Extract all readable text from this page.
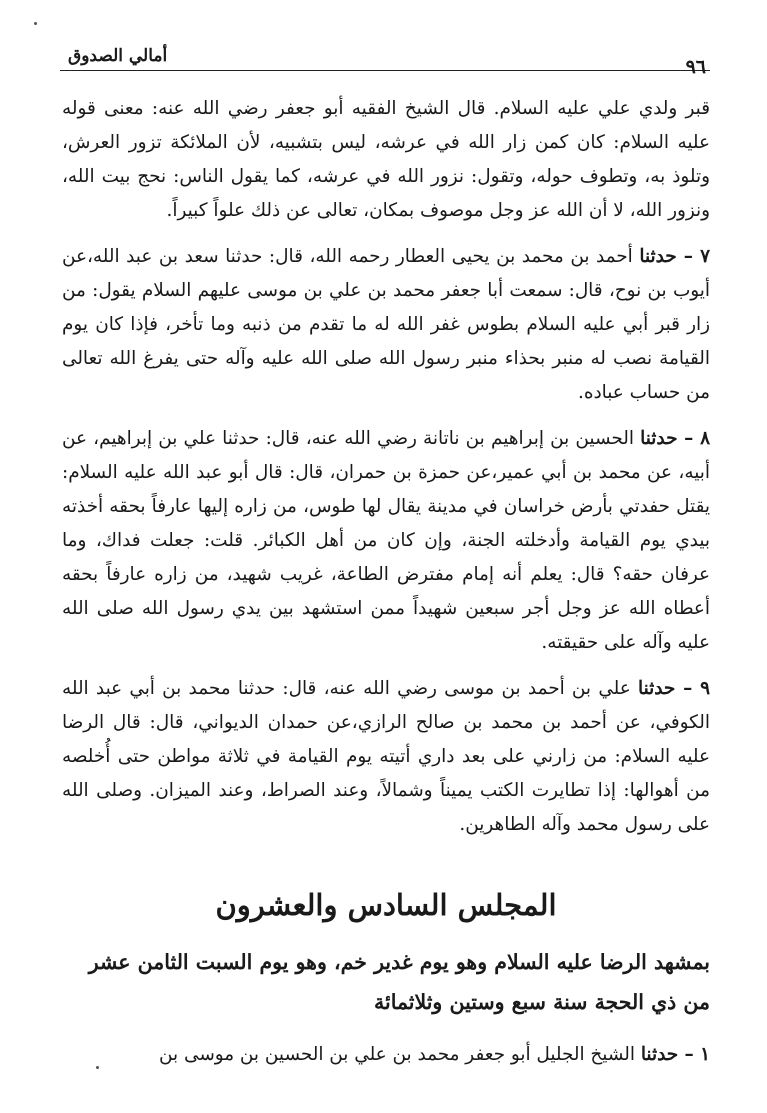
أمالي الصدوق	٩٦

قبر ولدي علي عليه السلام. قال الشيخ الفقيه أبو جعفر رضي الله عنه: معنى قوله عليه السلام: كان كمن زار الله في عرشه، ليس بتشبيه، لأن الملائكة تزور العرش، وتلوذ به، وتطوف حوله، وتقول: نزور الله في عرشه، كما يقول الناس: نحج بيت الله، ونزور الله، لا أن الله عز وجل موصوف بمكان، تعالى عن ذلك علواً كبيراً.

٧ – حدثنا أحمد بن محمد بن يحيى العطار رحمه الله، قال: حدثنا سعد بن عبد الله،عن أيوب بن نوح، قال: سمعت أبا جعفر محمد بن علي بن موسى عليهم السلام يقول: من زار قبر أبي عليه السلام بطوس غفر الله له ما تقدم من ذنبه وما تأخر، فإذا كان يوم القيامة نصب له منبر بحذاء منبر رسول الله صلى الله عليه وآله حتى يفرغ الله تعالى من حساب عباده.

٨ – حدثنا الحسين بن إبراهيم بن ناتانة رضي الله عنه، قال: حدثنا علي بن إبراهيم، عن أبيه، عن محمد بن أبي عمير،عن حمزة بن حمران، قال: قال أبو عبد الله عليه السلام: يقتل حفدتي بأرض خراسان في مدينة يقال لها طوس، من زاره إليها عارفاً بحقه أخذته بيدي يوم القيامة وأدخلته الجنة، وإن كان من أهل الكبائر. قلت: جعلت فداك، وما عرفان حقه؟ قال: يعلم أنه إمام مفترض الطاعة، غريب شهيد، من زاره عارفاً بحقه أعطاه الله عز وجل أجر سبعين شهيداً ممن استشهد بين يدي رسول الله صلى الله عليه وآله على حقيقته.

٩ – حدثنا علي بن أحمد بن موسى رضي الله عنه، قال: حدثنا محمد بن أبي عبد الله الكوفي، عن أحمد بن محمد بن صالح الرازي،عن حمدان الديواني، قال: قال الرضا عليه السلام: من زارني على بعد داري أتيته يوم القيامة في ثلاثة مواطن حتى أُخلصه من أهوالها: إذا تطايرت الكتب يميناً وشمالاً، وعند الصراط، وعند الميزان. وصلى الله على رسول محمد وآله الطاهرين.

المجلس السادس والعشرون
بمشهد الرضا عليه السلام وهو يوم غدير خم، وهو يوم السبت الثامن عشر من ذي الحجة سنة سبع وستين وثلاثمائة
١ – حدثنا الشيخ الجليل أبو جعفر محمد بن علي بن الحسين بن موسى بن
